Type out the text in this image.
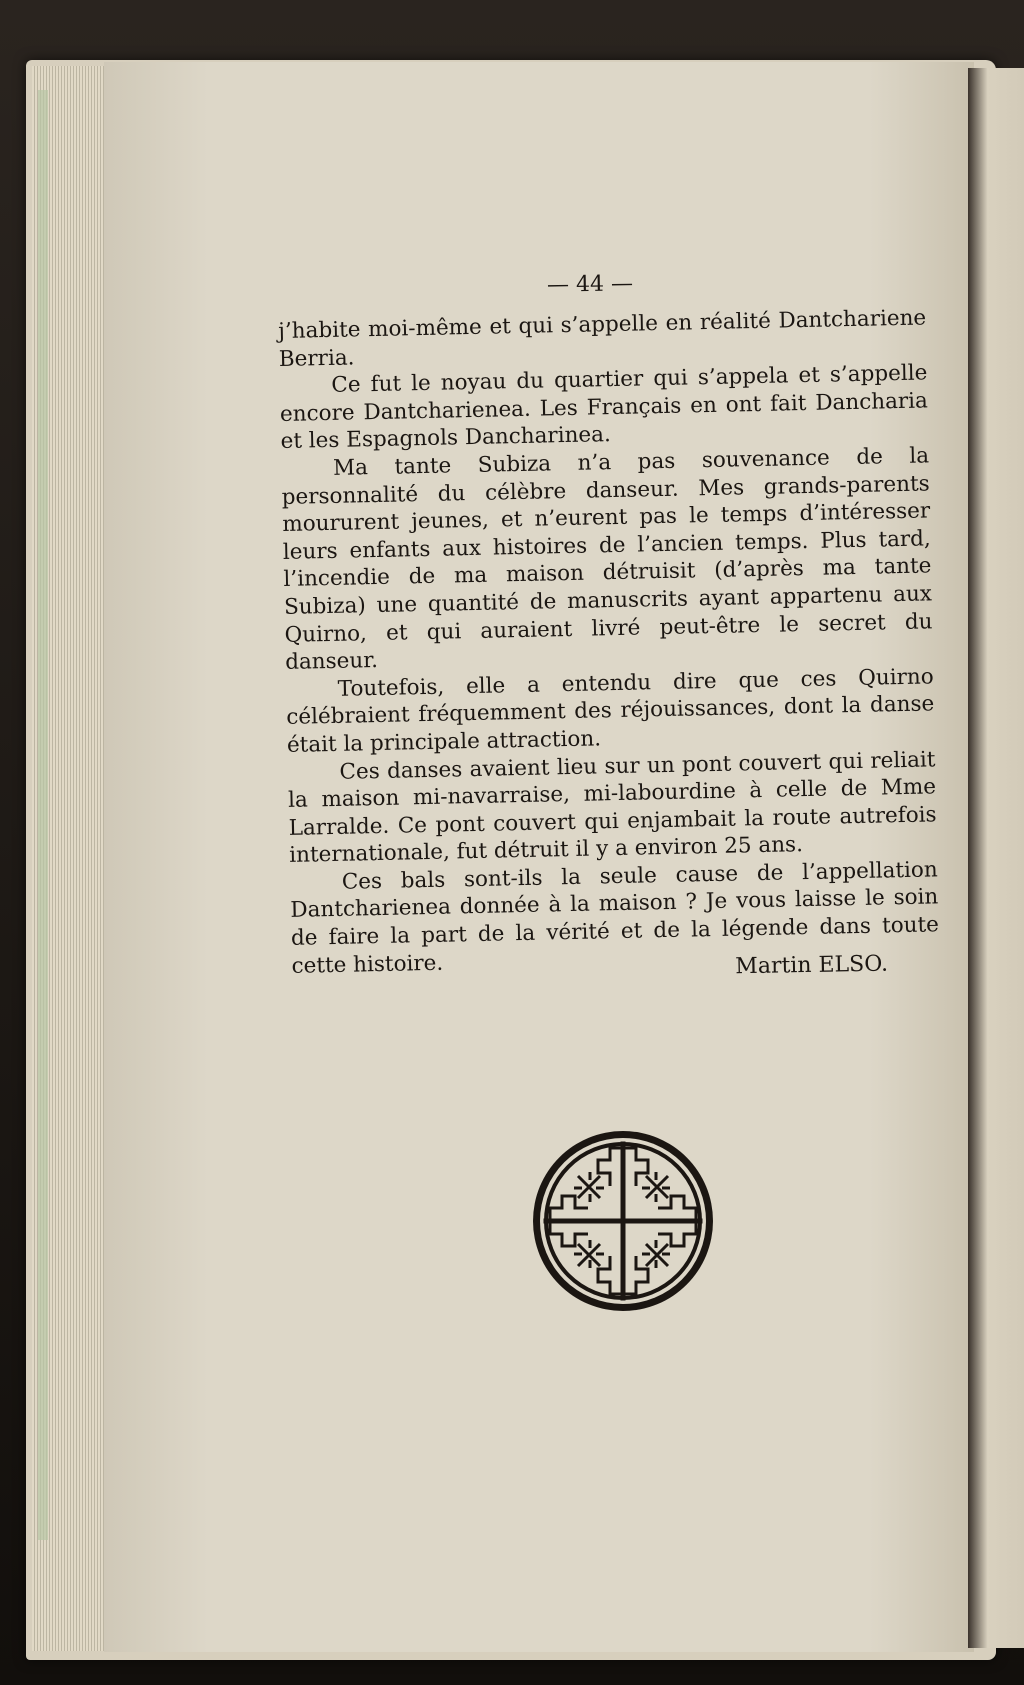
— 44 —

j’habite moi-même et qui s’appelle en réalité Dantchariene Berria.

Ce fut le noyau du quartier qui s’appela et s’appelle encore Dantcharienea. Les Français en ont fait Dancharia et les Espagnols Dancharinea.

Ma tante Subiza n’a pas souvenance de la personnalité du célèbre danseur. Mes grands-parents moururent jeunes, et n’eurent pas le temps d’intéresser leurs enfants aux histoires de l’ancien temps. Plus tard, l’incendie de ma maison détruisit (d’après ma tante Subiza) une quantité de manuscrits ayant appartenu aux Quirno, et qui auraient livré peut-être le secret du danseur.

Toutefois, elle a entendu dire que ces Quirno célébraient fréquemment des réjouissances, dont la danse était la principale attraction.

Ces danses avaient lieu sur un pont couvert qui reliait la maison mi-navarraise, mi-labourdine à celle de Mme Larralde. Ce pont couvert qui enjambait la route autrefois internationale, fut détruit il y a environ 25 ans.

Ces bals sont-ils la seule cause de l’appellation Dantcharienea donnée à la maison ? Je vous laisse le soin de faire la part de la vérité et de la légende dans toute cette histoire.	Martin ELSO.
